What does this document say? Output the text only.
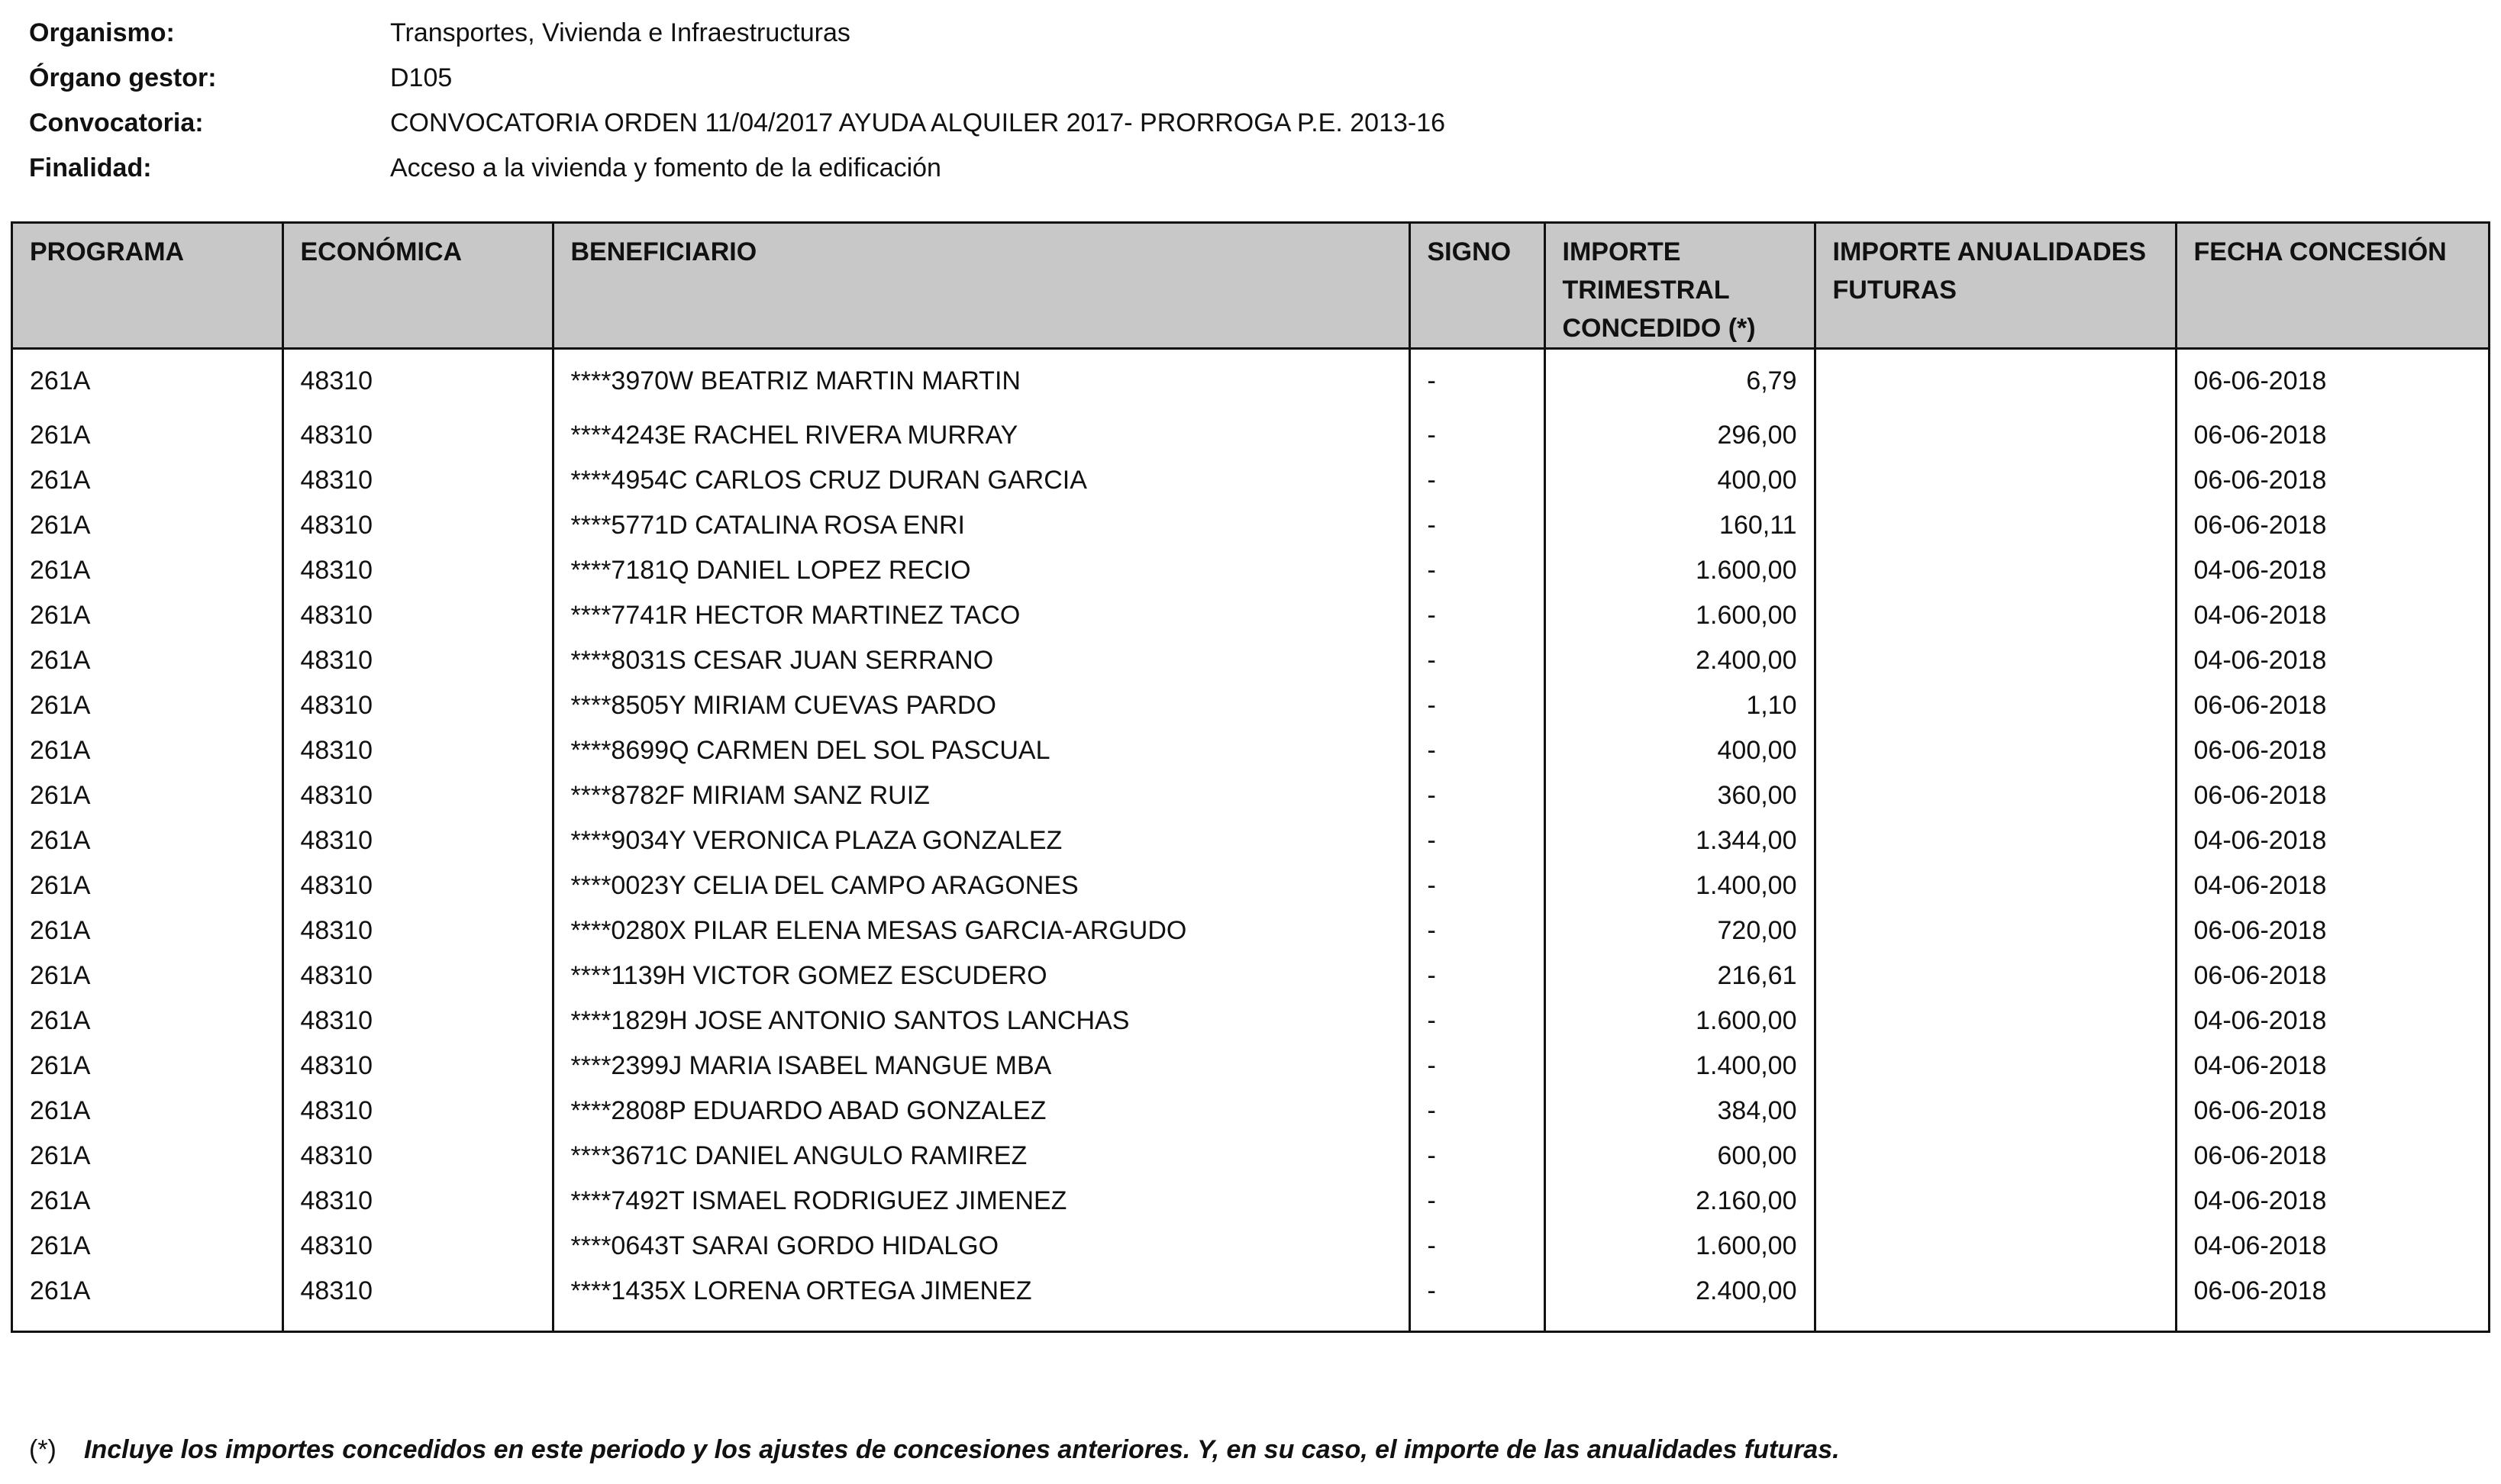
Organismo:	Transportes, Vivienda e Infraestructuras
Órgano gestor:	D105
Convocatoria:	CONVOCATORIA ORDEN 11/04/2017 AYUDA ALQUILER 2017- PRORROGA P.E. 2013-16
Finalidad:	Acceso a la vivienda y fomento de la edificación
PROGRAMA	ECONÓMICA	BENEFICIARIO	SIGNO	IMPORTE TRIMESTRAL CONCEDIDO (*)	IMPORTE ANUALIDADES FUTURAS	FECHA CONCESIÓN
261A	48310	****3970W BEATRIZ MARTIN MARTIN	-	6,79		06-06-2018
261A	48310	****4243E RACHEL RIVERA MURRAY	-	296,00		06-06-2018
261A	48310	****4954C CARLOS CRUZ DURAN GARCIA	-	400,00		06-06-2018
261A	48310	****5771D CATALINA ROSA ENRI	-	160,11		06-06-2018
261A	48310	****7181Q DANIEL LOPEZ RECIO	-	1.600,00		04-06-2018
261A	48310	****7741R HECTOR MARTINEZ TACO	-	1.600,00		04-06-2018
261A	48310	****8031S CESAR JUAN SERRANO	-	2.400,00		04-06-2018
261A	48310	****8505Y MIRIAM CUEVAS PARDO	-	1,10		06-06-2018
261A	48310	****8699Q CARMEN DEL SOL PASCUAL	-	400,00		06-06-2018
261A	48310	****8782F MIRIAM SANZ RUIZ	-	360,00		06-06-2018
261A	48310	****9034Y VERONICA PLAZA GONZALEZ	-	1.344,00		04-06-2018
261A	48310	****0023Y CELIA DEL CAMPO ARAGONES	-	1.400,00		04-06-2018
261A	48310	****0280X PILAR ELENA MESAS GARCIA-ARGUDO	-	720,00		06-06-2018
261A	48310	****1139H VICTOR GOMEZ ESCUDERO	-	216,61		06-06-2018
261A	48310	****1829H JOSE ANTONIO SANTOS LANCHAS	-	1.600,00		04-06-2018
261A	48310	****2399J MARIA ISABEL MANGUE MBA	-	1.400,00		04-06-2018
261A	48310	****2808P EDUARDO ABAD GONZALEZ	-	384,00		06-06-2018
261A	48310	****3671C DANIEL ANGULO RAMIREZ	-	600,00		06-06-2018
261A	48310	****7492T ISMAEL RODRIGUEZ JIMENEZ	-	2.160,00		04-06-2018
261A	48310	****0643T SARAI GORDO HIDALGO	-	1.600,00		04-06-2018
261A	48310	****1435X LORENA ORTEGA JIMENEZ	-	2.400,00		06-06-2018

(*) Incluye los importes concedidos en este periodo y los ajustes de concesiones anteriores. Y, en su caso, el importe de las anualidades futuras.
